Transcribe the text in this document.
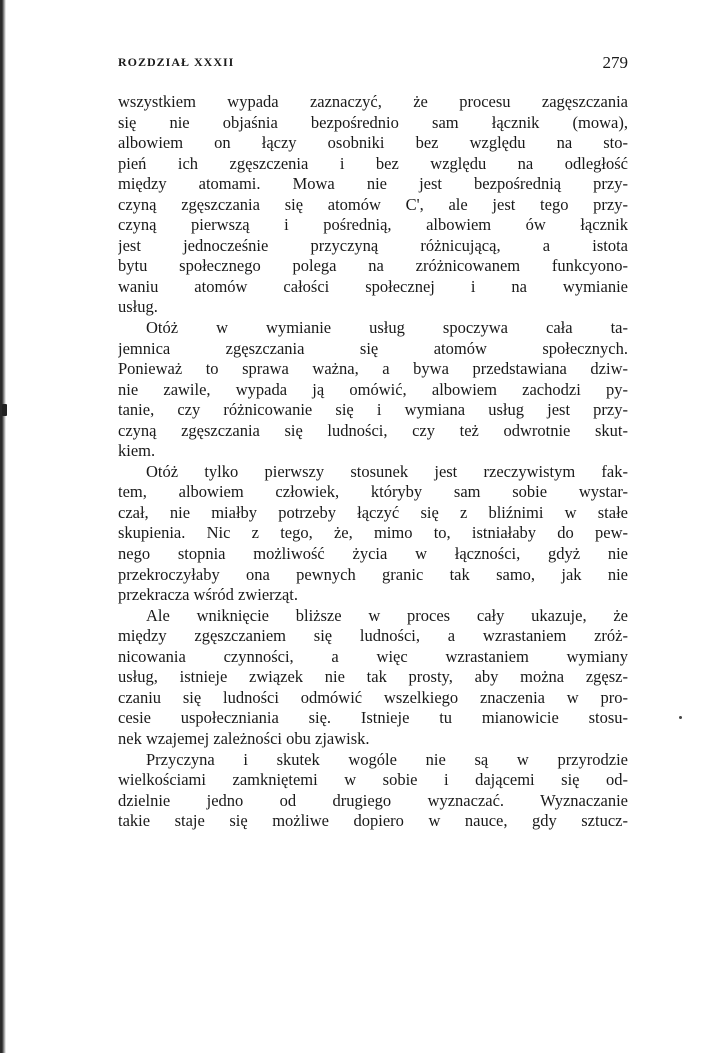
ROZDZIAŁ XXXII	279
wszystkiem wypada zaznaczyć, że procesu zagęszczania
się nie objaśnia bezpośrednio sam łącznik (mowa),
albowiem on łączy osobniki bez względu na sto-
pień ich zgęszczenia i bez względu na odległość
między atomami. Mowa nie jest bezpośrednią przy-
czyną zgęszczania się atomów C', ale jest tego przy-
czyną pierwszą i pośrednią, albowiem ów łącznik
jest jednocześnie przyczyną różnicującą, a istota
bytu społecznego polega na zróżnicowanem funkcyono-
waniu atomów całości społecznej i na wymianie
usług.
Otóż w wymianie usług spoczywa cała ta-
jemnica zgęszczania się atomów społecznych.
Ponieważ to sprawa ważna, a bywa przedstawiana dziw-
nie zawile, wypada ją omówić, albowiem zachodzi py-
tanie, czy różnicowanie się i wymiana usług jest przy-
czyną zgęszczania się ludności, czy też odwrotnie skut-
kiem.
Otóż tylko pierwszy stosunek jest rzeczywistym fak-
tem, albowiem człowiek, któryby sam sobie wystar-
czał, nie miałby potrzeby łączyć się z bliźnimi w stałe
skupienia. Nic z tego, że, mimo to, istniałaby do pew-
nego stopnia możliwość życia w łączności, gdyż nie
przekroczyłaby ona pewnych granic tak samo, jak nie
przekracza wśród zwierząt.
Ale wniknięcie bliższe w proces cały ukazuje, że
między zgęszczaniem się ludności, a wzrastaniem zróż-
nicowania czynności, a więc wzrastaniem wymiany
usług, istnieje związek nie tak prosty, aby można zgęsz-
czaniu się ludności odmówić wszelkiego znaczenia w pro-
cesie uspołeczniania się. Istnieje tu mianowicie stosu-
nek wzajemej zależności obu zjawisk.
Przyczyna i skutek wogóle nie są w przyrodzie
wielkościami zamkniętemi w sobie i dającemi się od-
dzielnie jedno od drugiego wyznaczać. Wyznaczanie
takie staje się możliwe dopiero w nauce, gdy sztucz-
